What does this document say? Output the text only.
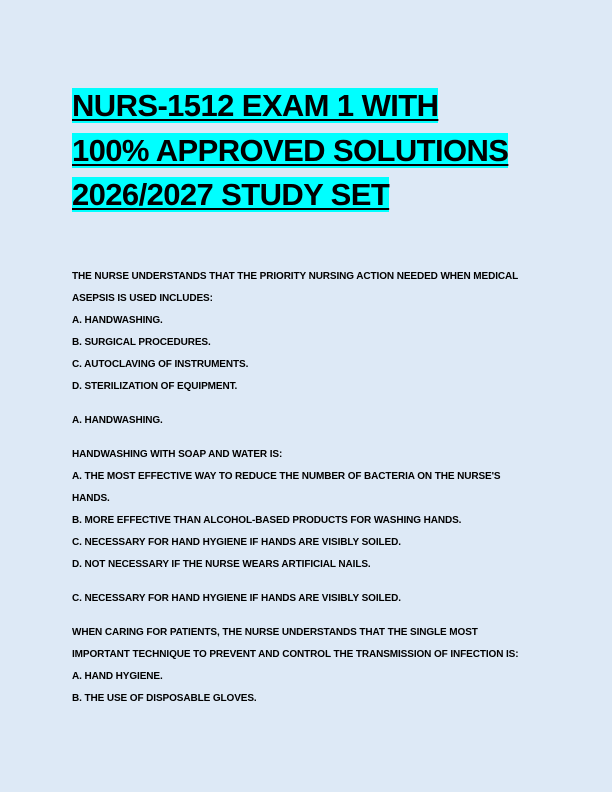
NURS-1512 EXAM 1 WITH
100% APPROVED SOLUTIONS
2026/2027 STUDY SET
THE NURSE UNDERSTANDS THAT THE PRIORITY NURSING ACTION NEEDED WHEN MEDICAL
ASEPSIS IS USED INCLUDES:
A. HANDWASHING.
B. SURGICAL PROCEDURES.
C. AUTOCLAVING OF INSTRUMENTS.
D. STERILIZATION OF EQUIPMENT.
A. HANDWASHING.
HANDWASHING WITH SOAP AND WATER IS:
A. THE MOST EFFECTIVE WAY TO REDUCE THE NUMBER OF BACTERIA ON THE NURSE'S
HANDS.
B. MORE EFFECTIVE THAN ALCOHOL-BASED PRODUCTS FOR WASHING HANDS.
C. NECESSARY FOR HAND HYGIENE IF HANDS ARE VISIBLY SOILED.
D. NOT NECESSARY IF THE NURSE WEARS ARTIFICIAL NAILS.
C. NECESSARY FOR HAND HYGIENE IF HANDS ARE VISIBLY SOILED.
WHEN CARING FOR PATIENTS, THE NURSE UNDERSTANDS THAT THE SINGLE MOST
IMPORTANT TECHNIQUE TO PREVENT AND CONTROL THE TRANSMISSION OF INFECTION IS:
A. HAND HYGIENE.
B. THE USE OF DISPOSABLE GLOVES.
